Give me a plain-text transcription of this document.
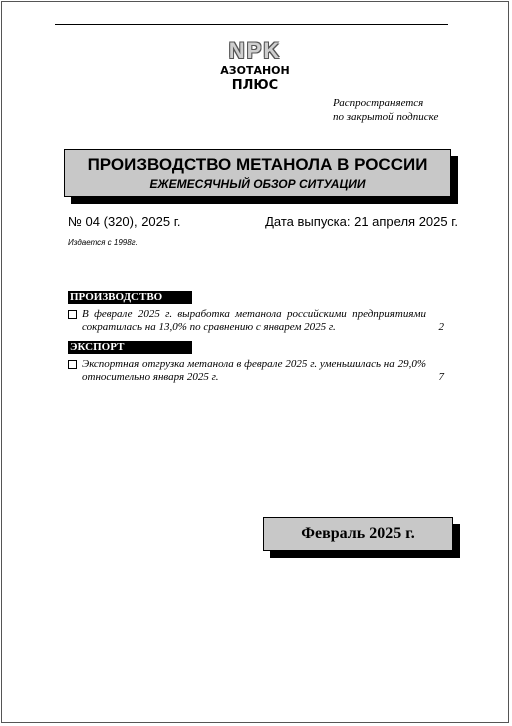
NPK
АЗОТАНОН
ПЛЮС
Распространяется
по закрытой подписке
ПРОИЗВОДСТВО МЕТАНОЛА В РОССИИ
ЕЖЕМЕСЯЧНЫЙ ОБЗОР СИТУАЦИИ
№ 04 (320), 2025 г.	Дата выпуска: 21 апреля 2025 г.
Издается с 1998г.
ПРОИЗВОДСТВО
В феврале 2025 г. выработка метанола российскими предприятиями сократилась на 13,0% по сравнению с январем 2025 г.	2
ЭКСПОРТ
Экспортная отгрузка метанола в феврале 2025 г. уменьшилась на 29,0% относительно января 2025 г.	7
Февраль 2025 г.
